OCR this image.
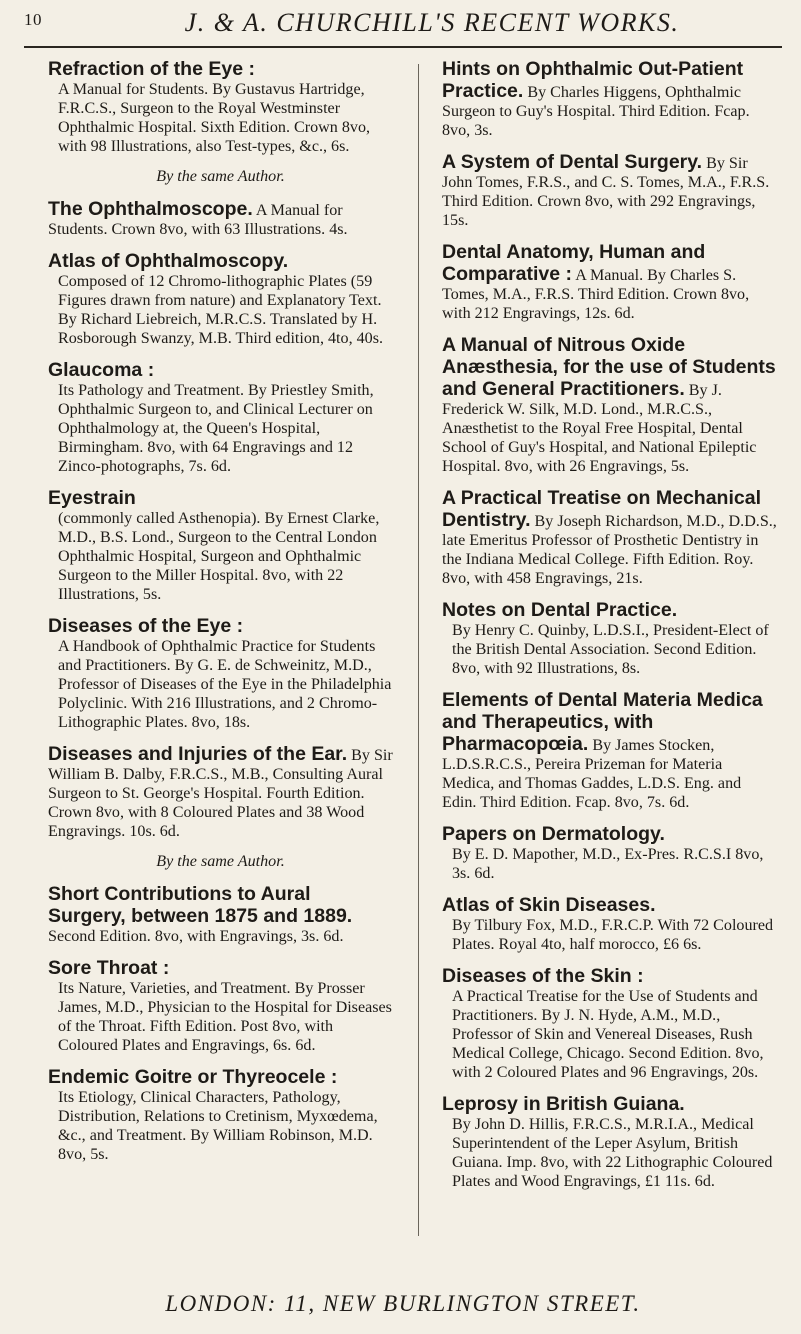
10	J. & A. CHURCHILL'S RECENT WORKS.
Refraction of the Eye :
A Manual for Students. By Gustavus Hartridge, F.R.C.S., Surgeon to the Royal Westminster Ophthalmic Hospital. Sixth Edition. Crown 8vo, with 98 Illustrations, also Test-types, &c., 6s.
By the same Author.
The Ophthalmoscope. A Manual for Students. Crown 8vo, with 63 Illustrations. 4s.
Atlas of Ophthalmoscopy.
Composed of 12 Chromo-lithographic Plates (59 Figures drawn from nature) and Explanatory Text. By Richard Liebreich, M.R.C.S. Translated by H. Rosborough Swanzy, M.B. Third edition, 4to, 40s.
Glaucoma :
Its Pathology and Treatment. By Priestley Smith, Ophthalmic Surgeon to, and Clinical Lecturer on Ophthalmology at, the Queen's Hospital, Birmingham. 8vo, with 64 Engravings and 12 Zinco-photographs, 7s. 6d.
Eyestrain
(commonly called Asthenopia). By Ernest Clarke, M.D., B.S. Lond., Surgeon to the Central London Ophthalmic Hospital, Surgeon and Ophthalmic Surgeon to the Miller Hospital. 8vo, with 22 Illustrations, 5s.
Diseases of the Eye :
A Handbook of Ophthalmic Practice for Students and Practitioners. By G. E. de Schweinitz, M.D., Professor of Diseases of the Eye in the Philadelphia Polyclinic. With 216 Illustrations, and 2 Chromo-Lithographic Plates. 8vo, 18s.
Diseases and Injuries of the Ear. By Sir William B. Dalby, F.R.C.S., M.B., Consulting Aural Surgeon to St. George's Hospital. Fourth Edition. Crown 8vo, with 8 Coloured Plates and 38 Wood Engravings. 10s. 6d.
By the same Author.
Short Contributions to Aural Surgery, between 1875 and 1889. Second Edition. 8vo, with Engravings, 3s. 6d.
Sore Throat :
Its Nature, Varieties, and Treatment. By Prosser James, M.D., Physician to the Hospital for Diseases of the Throat. Fifth Edition. Post 8vo, with Coloured Plates and Engravings, 6s. 6d.
Endemic Goitre or Thyreocele :
Its Etiology, Clinical Characters, Pathology, Distribution, Relations to Cretinism, Myxœdema, &c., and Treatment. By William Robinson, M.D. 8vo, 5s.
Hints on Ophthalmic Out-Patient Practice. By Charles Higgens, Ophthalmic Surgeon to Guy's Hospital. Third Edition. Fcap. 8vo, 3s.
A System of Dental Surgery. By Sir John Tomes, F.R.S., and C. S. Tomes, M.A., F.R.S. Third Edition. Crown 8vo, with 292 Engravings, 15s.
Dental Anatomy, Human and Comparative : A Manual. By Charles S. Tomes, M.A., F.R.S. Third Edition. Crown 8vo, with 212 Engravings, 12s. 6d.
A Manual of Nitrous Oxide Anæsthesia, for the use of Students and General Practitioners. By J. Frederick W. Silk, M.D. Lond., M.R.C.S., Anæsthetist to the Royal Free Hospital, Dental School of Guy's Hospital, and National Epileptic Hospital. 8vo, with 26 Engravings, 5s.
A Practical Treatise on Mechanical Dentistry. By Joseph Richardson, M.D., D.D.S., late Emeritus Professor of Prosthetic Dentistry in the Indiana Medical College. Fifth Edition. Roy. 8vo, with 458 Engravings, 21s.
Notes on Dental Practice.
By Henry C. Quinby, L.D.S.I., President-Elect of the British Dental Association. Second Edition. 8vo, with 92 Illustrations, 8s.
Elements of Dental Materia Medica and Therapeutics, with Pharmacopœia. By James Stocken, L.D.S.R.C.S., Pereira Prizeman for Materia Medica, and Thomas Gaddes, L.D.S. Eng. and Edin. Third Edition. Fcap. 8vo, 7s. 6d.
Papers on Dermatology.
By E. D. Mapother, M.D., Ex-Pres. R.C.S.I 8vo, 3s. 6d.
Atlas of Skin Diseases.
By Tilbury Fox, M.D., F.R.C.P. With 72 Coloured Plates. Royal 4to, half morocco, £6 6s.
Diseases of the Skin :
A Practical Treatise for the Use of Students and Practitioners. By J. N. Hyde, A.M., M.D., Professor of Skin and Venereal Diseases, Rush Medical College, Chicago. Second Edition. 8vo, with 2 Coloured Plates and 96 Engravings, 20s.
Leprosy in British Guiana.
By John D. Hillis, F.R.C.S., M.R.I.A., Medical Superintendent of the Leper Asylum, British Guiana. Imp. 8vo, with 22 Lithographic Coloured Plates and Wood Engravings, £1 11s. 6d.
LONDON: 11, NEW BURLINGTON STREET.
